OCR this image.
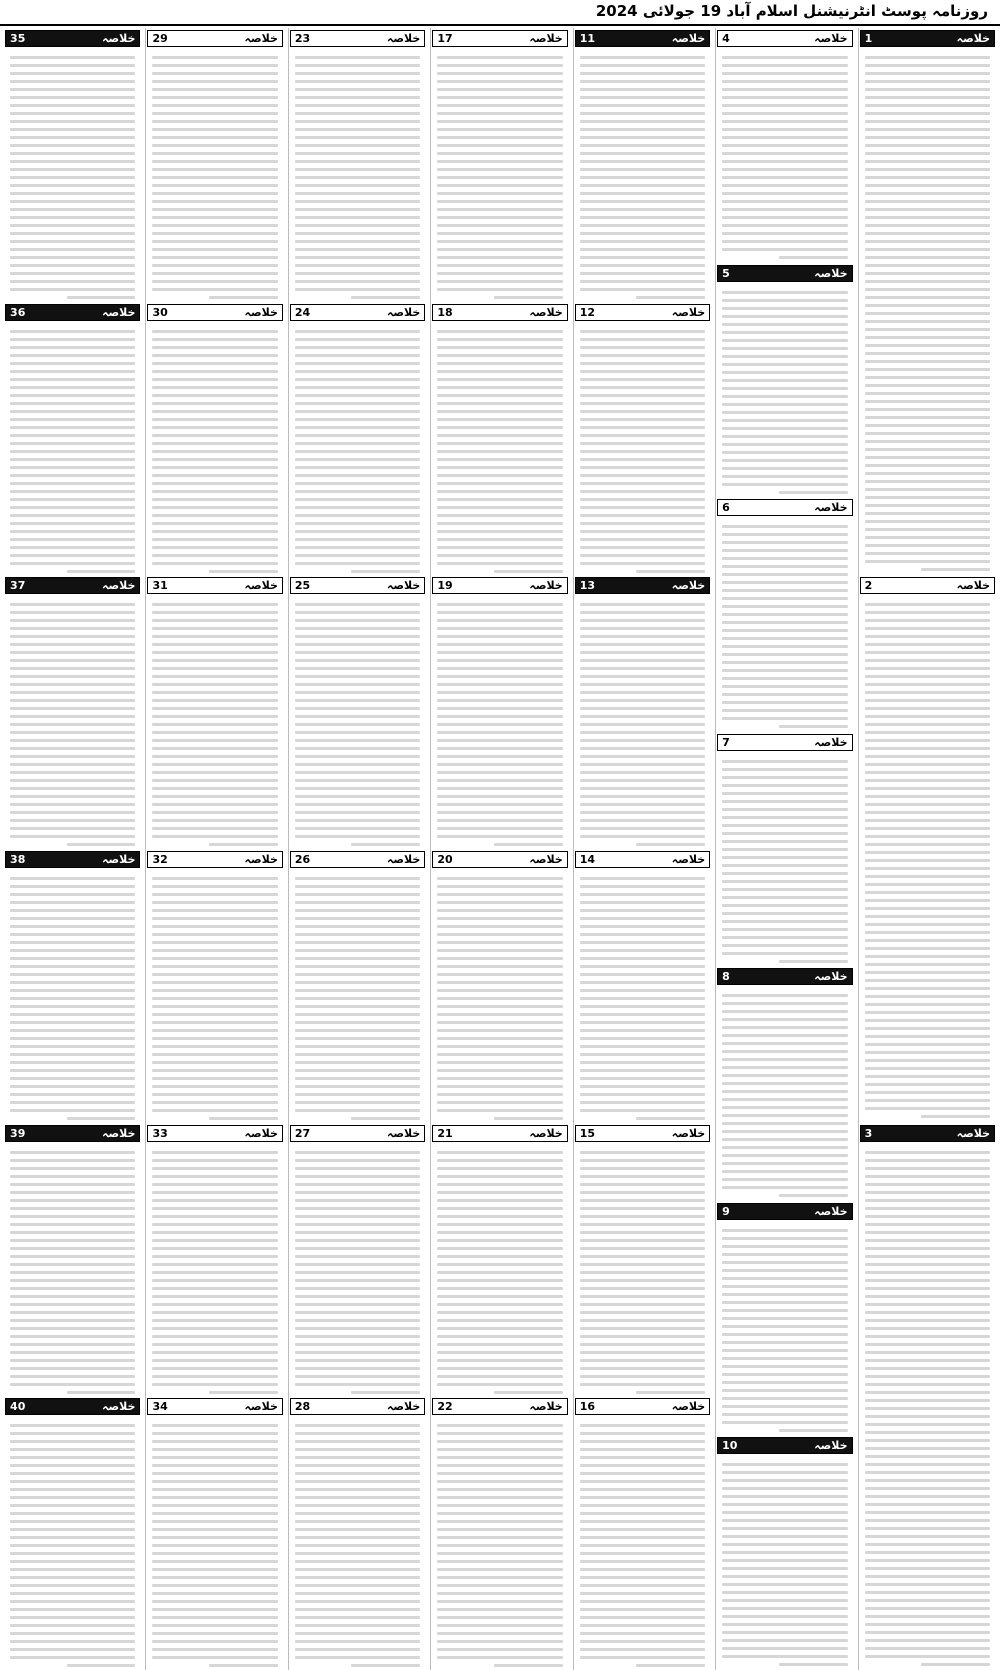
روزنامہ پوسٹ انٹرنیشنل اسلام آباد 19 جولائی 2024
خلاصہ
1
خلاصہ
2
خلاصہ
3
خلاصہ
4
خلاصہ
5
خلاصہ
6
خلاصہ
7
خلاصہ
8
خلاصہ
9
خلاصہ
10
خلاصہ
11
خلاصہ
12
خلاصہ
13
خلاصہ
14
خلاصہ
15
خلاصہ
16
خلاصہ
17
خلاصہ
18
خلاصہ
19
خلاصہ
20
خلاصہ
21
خلاصہ
22
خلاصہ
23
خلاصہ
24
خلاصہ
25
خلاصہ
26
خلاصہ
27
خلاصہ
28
خلاصہ
29
خلاصہ
30
خلاصہ
31
خلاصہ
32
خلاصہ
33
خلاصہ
34
خلاصہ
35
خلاصہ
36
خلاصہ
37
خلاصہ
38
خلاصہ
39
خلاصہ
40
